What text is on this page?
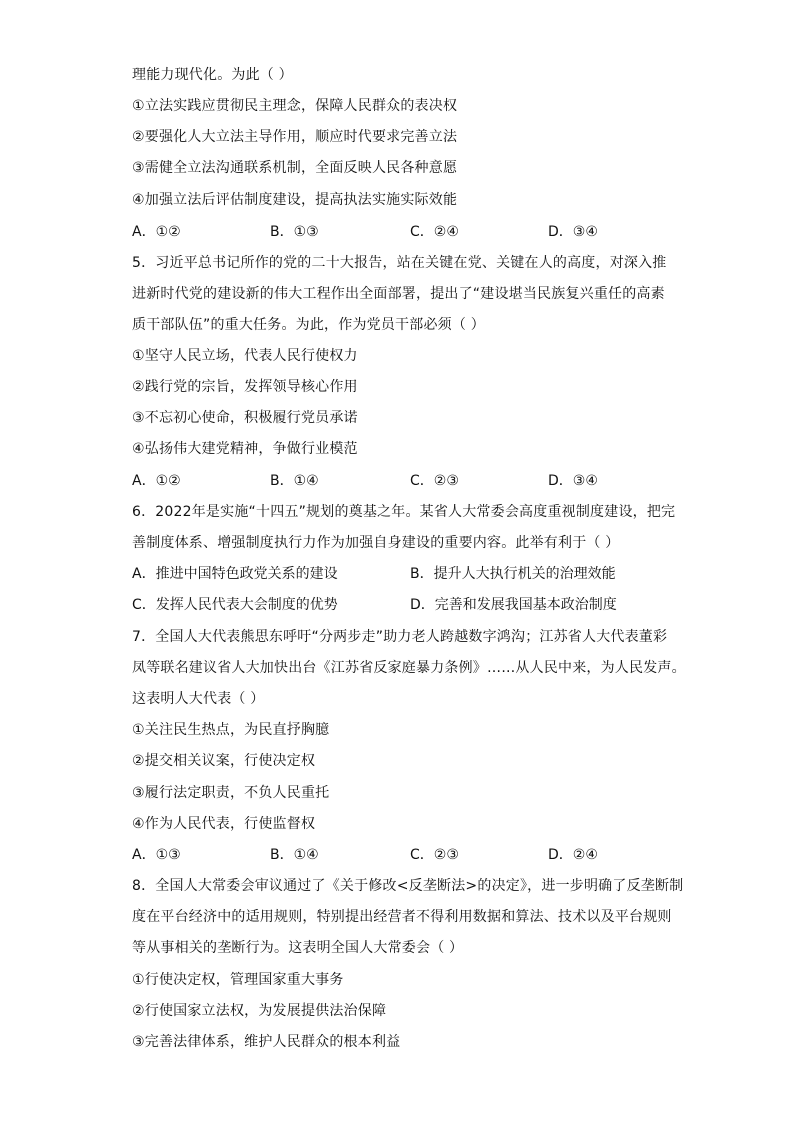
理能力现代化。为此（ ）
①立法实践应贯彻民主理念，保障人民群众的表决权
②要强化人大立法主导作用，顺应时代要求完善立法
③需健全立法沟通联系机制，全面反映人民各种意愿
④加强立法后评估制度建设，提高执法实施实际效能
A．①②	B．①③	C．②④	D．③④
5．习近平总书记所作的党的二十大报告，站在关键在党、关键在人的高度，对深入推
进新时代党的建设新的伟大工程作出全面部署，提出了“建设堪当民族复兴重任的高素
质干部队伍”的重大任务。为此，作为党员干部必须（ ）
①坚守人民立场，代表人民行使权力
②践行党的宗旨，发挥领导核心作用
③不忘初心使命，积极履行党员承诺
④弘扬伟大建党精神，争做行业模范
A．①②	B．①④	C．②③	D．③④
6．2022年是实施“十四五”规划的奠基之年。某省人大常委会高度重视制度建设，把完
善制度体系、增强制度执行力作为加强自身建设的重要内容。此举有利于（ ）
A．推进中国特色政党关系的建设	B．提升人大执行机关的治理效能
C．发挥人民代表大会制度的优势	D．完善和发展我国基本政治制度
7．全国人大代表熊思东呼吁“分两步走”助力老人跨越数字鸿沟；江苏省人大代表董彩
凤等联名建议省人大加快出台《江苏省反家庭暴力条例》……从人民中来，为人民发声。
这表明人大代表（ ）
①关注民生热点，为民直抒胸臆
②提交相关议案，行使决定权
③履行法定职责，不负人民重托
④作为人民代表，行使监督权
A．①③	B．①④	C．②③	D．②④
8．全国人大常委会审议通过了《关于修改<反垄断法>的决定》，进一步明确了反垄断制
度在平台经济中的适用规则，特别提出经营者不得利用数据和算法、技术以及平台规则
等从事相关的垄断行为。这表明全国人大常委会（ ）
①行使决定权，管理国家重大事务
②行使国家立法权，为发展提供法治保障
③完善法律体系，维护人民群众的根本利益
